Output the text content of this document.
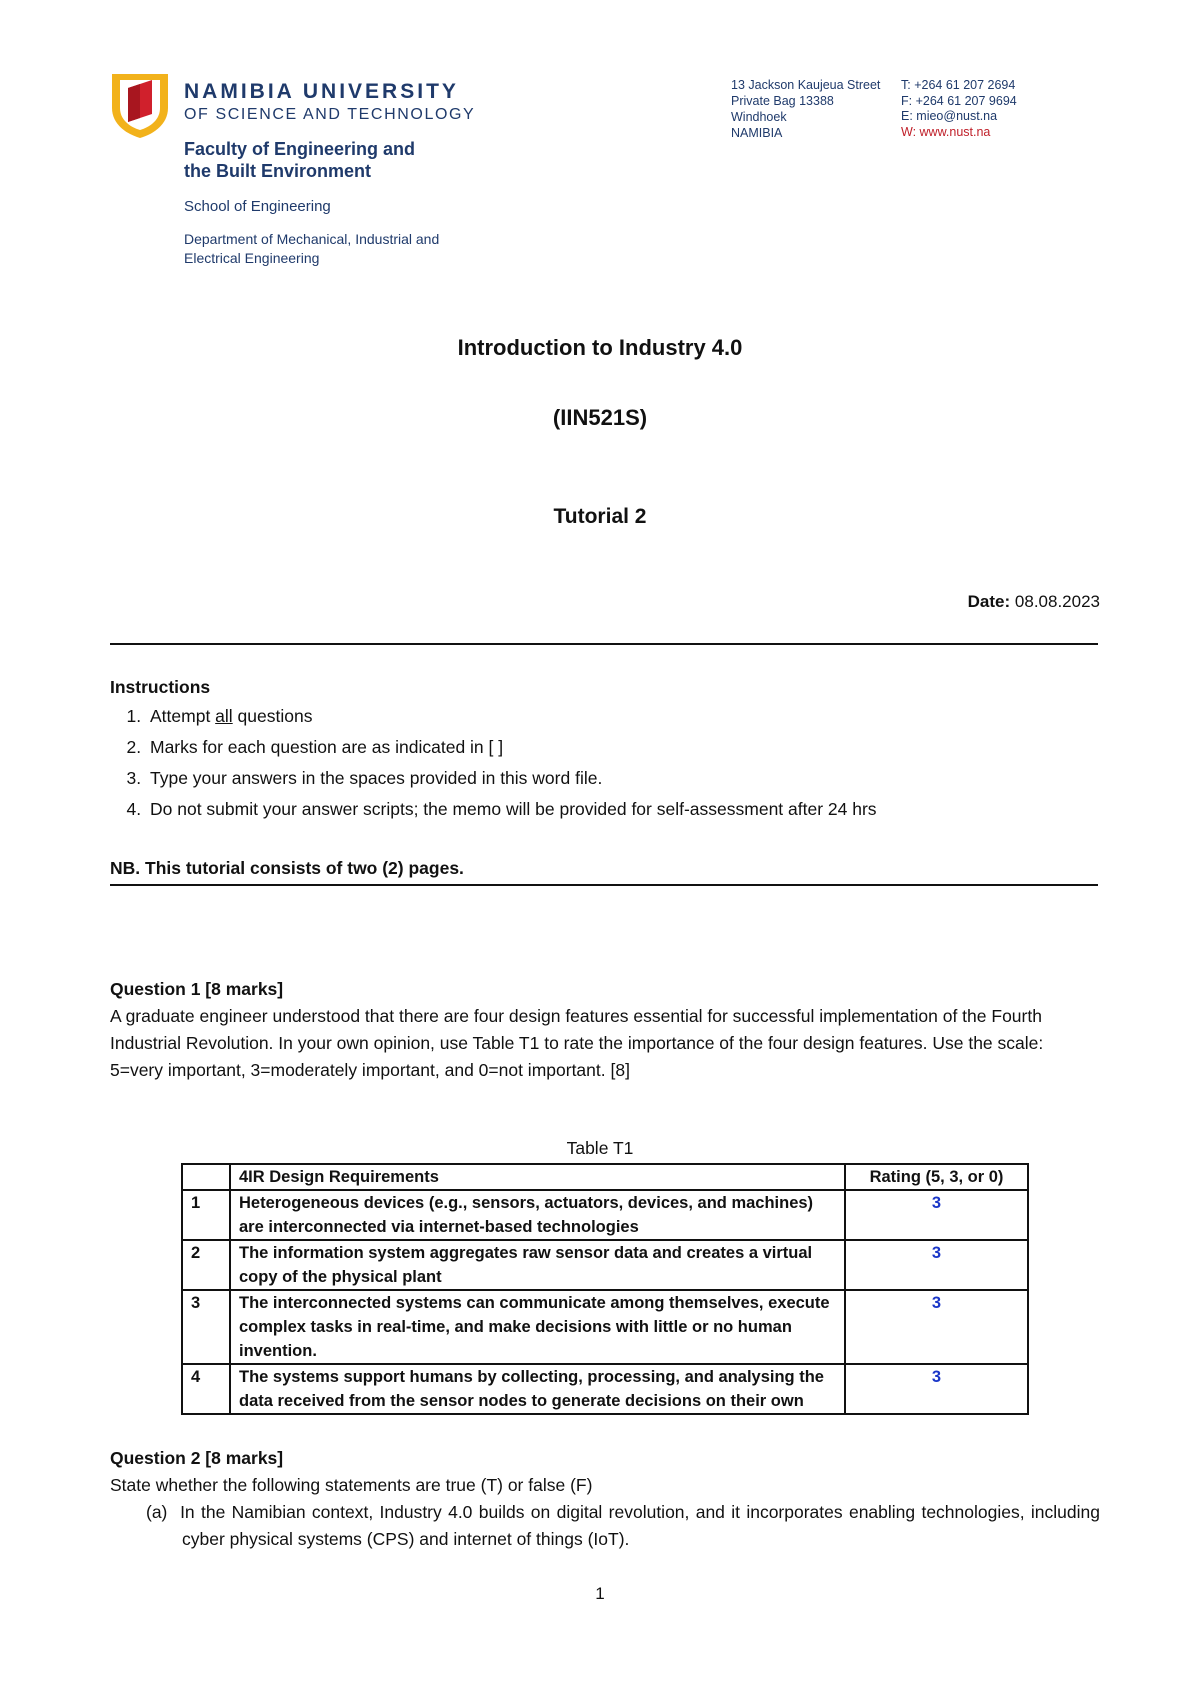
NAMIBIA UNIVERSITY
OF SCIENCE AND TECHNOLOGY
Faculty of Engineering and the Built Environment
School of Engineering
Department of Mechanical, Industrial and Electrical Engineering
13 Jackson Kaujeua Street
Private Bag 13388
Windhoek
NAMIBIA
T: +264 61 207 2694
F: +264 61 207 9694
E: mieo@nust.na
W: www.nust.na
Introduction to Industry 4.0
(IIN521S)
Tutorial 2
Date: 08.08.2023
Instructions
1. Attempt all questions
2. Marks for each question are as indicated in [ ]
3. Type your answers in the spaces provided in this word file.
4. Do not submit your answer scripts; the memo will be provided for self-assessment after 24 hrs
NB. This tutorial consists of two (2) pages.
Question 1 [8 marks]
A graduate engineer understood that there are four design features essential for successful implementation of the Fourth Industrial Revolution. In your own opinion, use Table T1 to rate the importance of the four design features. Use the scale: 5=very important, 3=moderately important, and 0=not important. [8]
Table T1
	4IR Design Requirements	Rating (5, 3, or 0)
1	Heterogeneous devices (e.g., sensors, actuators, devices, and machines) are interconnected via internet-based technologies	3
2	The information system aggregates raw sensor data and creates a virtual copy of the physical plant	3
3	The interconnected systems can communicate among themselves, execute complex tasks in real-time, and make decisions with little or no human invention.	3
4	The systems support humans by collecting, processing, and analysing the data received from the sensor nodes to generate decisions on their own	3
Question 2 [8 marks]
State whether the following statements are true (T) or false (F)
(a) In the Namibian context, Industry 4.0 builds on digital revolution, and it incorporates enabling technologies, including cyber physical systems (CPS) and internet of things (IoT).
1
